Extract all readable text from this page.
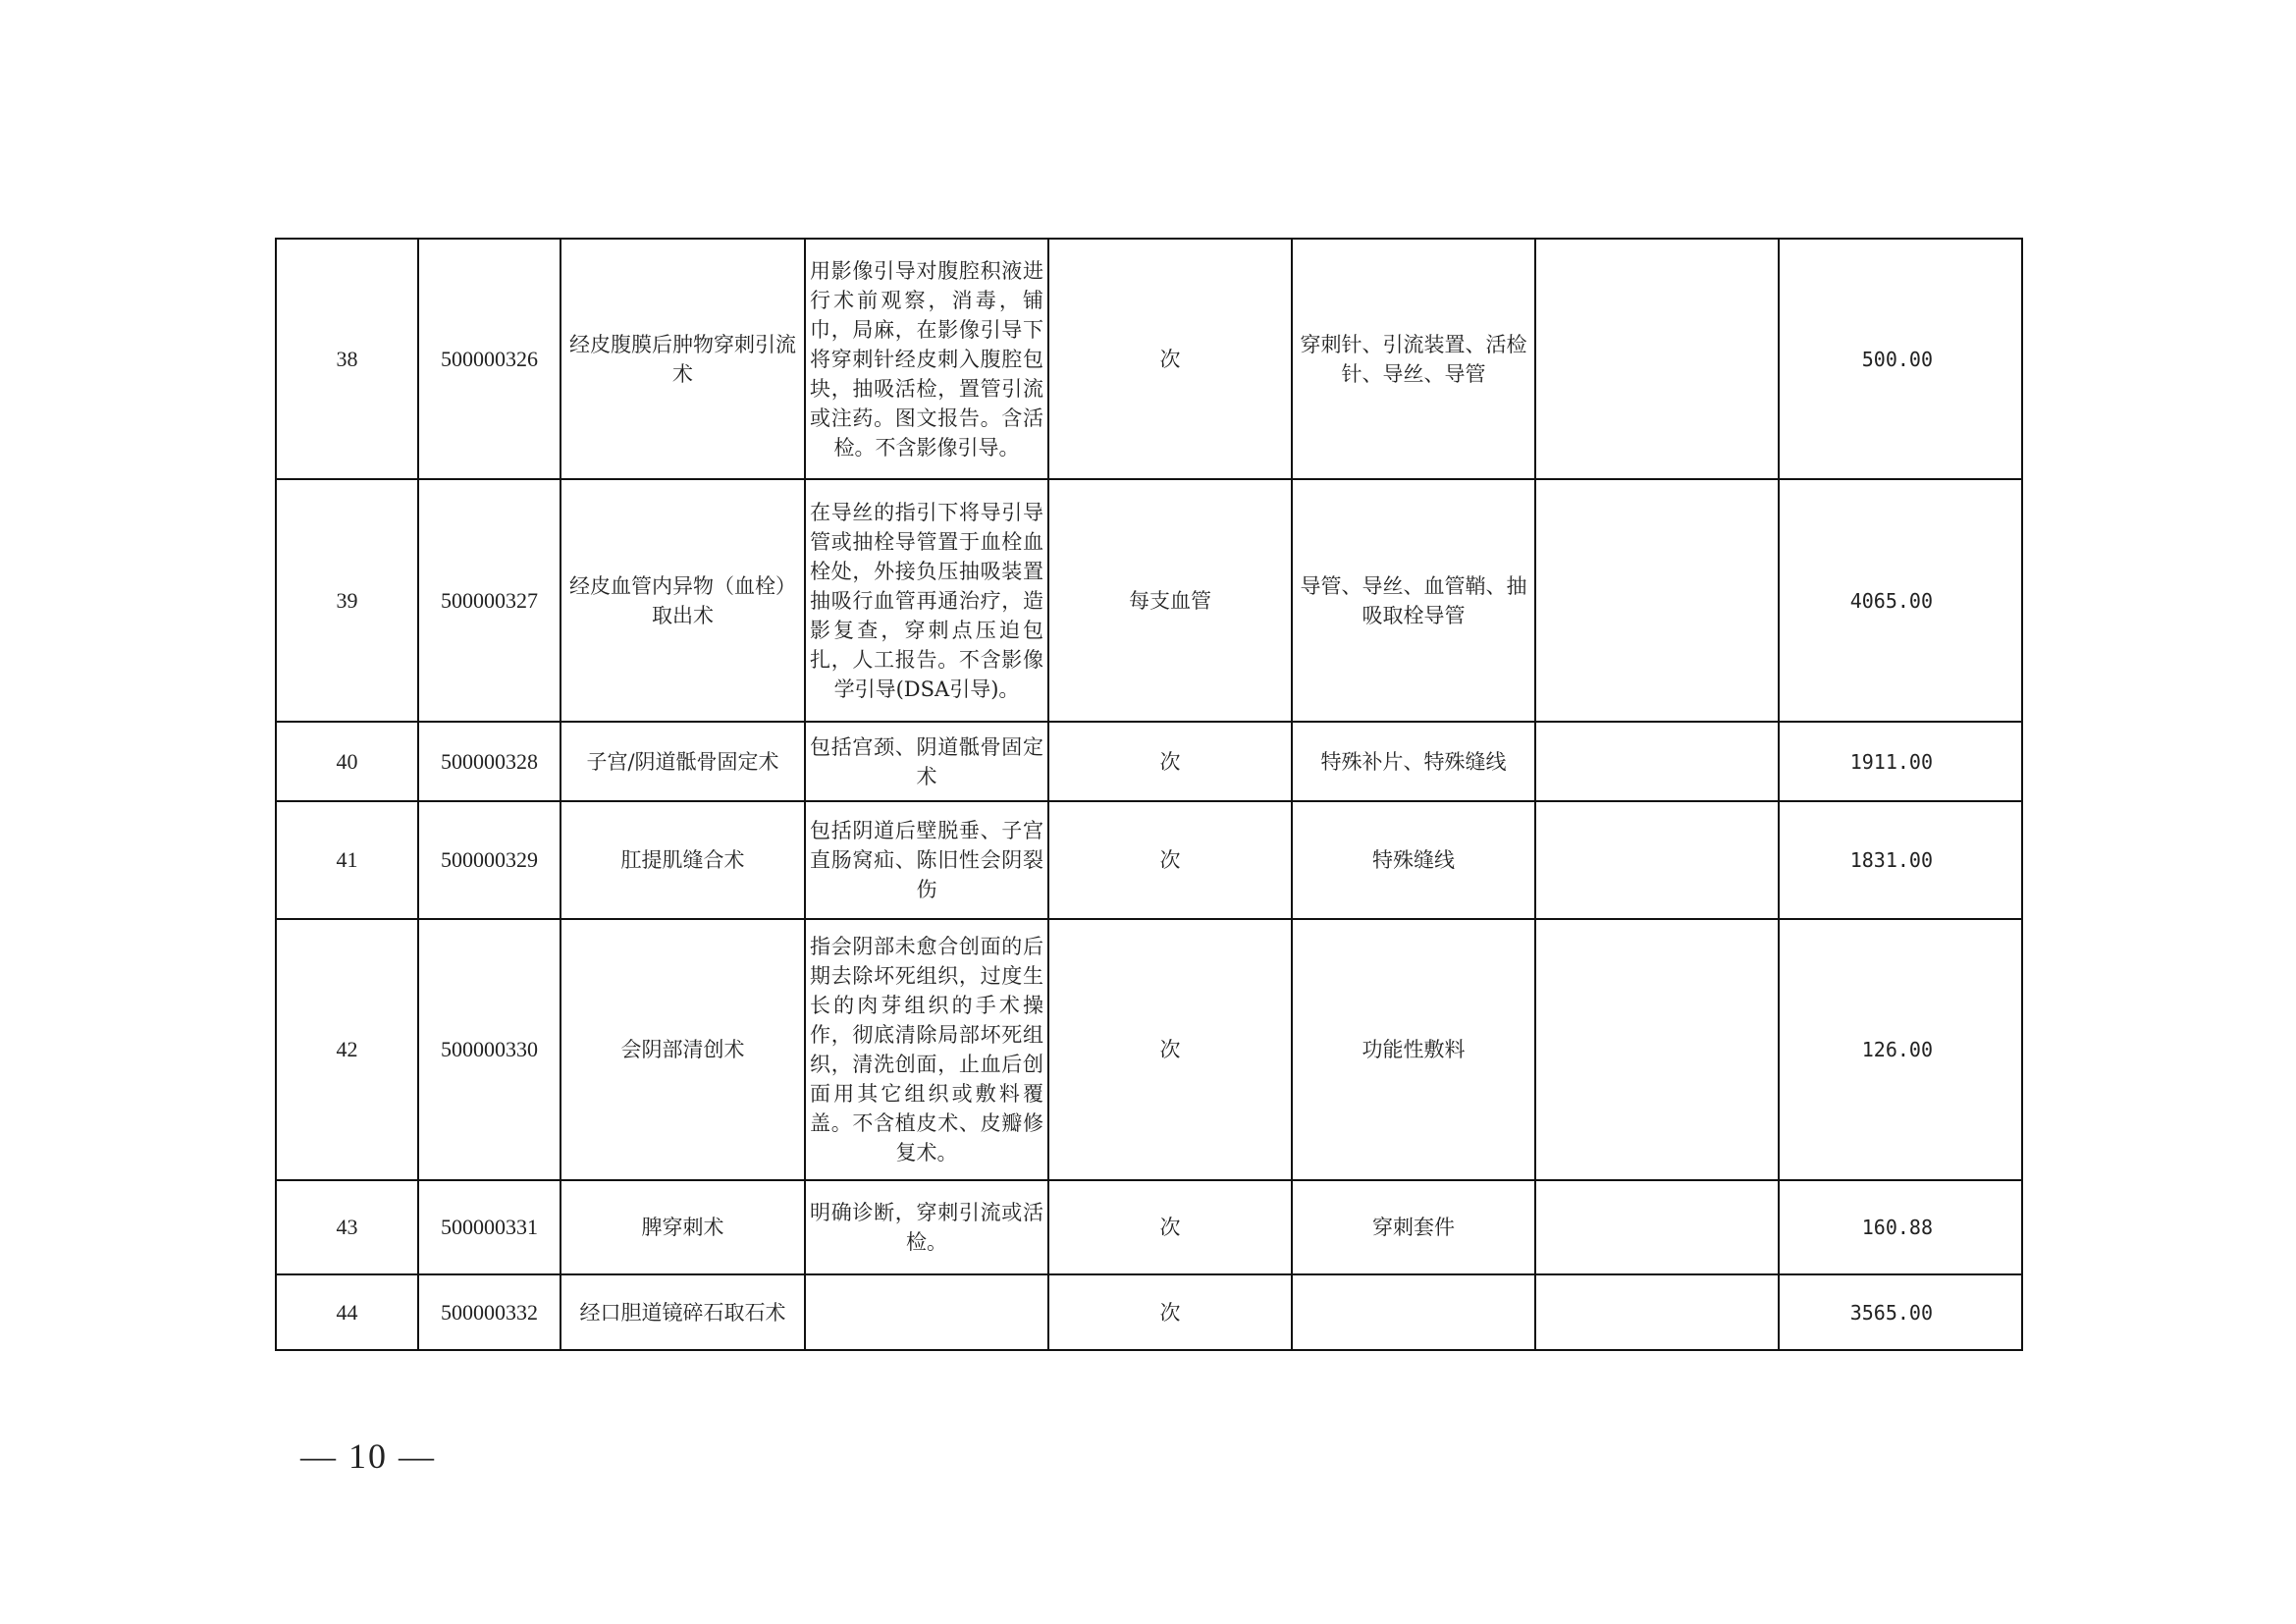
38	500000326	经皮腹膜后肿物穿刺引流术	用影像引导对腹腔积液进行术前观察，消毒，铺巾，局麻，在影像引导下将穿刺针经皮刺入腹腔包块，抽吸活检，置管引流或注药。图文报告。含活检。不含影像引导。	次	穿刺针、引流装置、活检针、导丝、导管		500.00
39	500000327	经皮血管内异物（血栓）取出术	在导丝的指引下将导引导管或抽栓导管置于血栓血栓处，外接负压抽吸装置抽吸行血管再通治疗，造影复查，穿刺点压迫包扎，人工报告。不含影像学引导(DSA引导)。	每支血管	导管、导丝、血管鞘、抽吸取栓导管		4065.00
40	500000328	子宫/阴道骶骨固定术	包括宫颈、阴道骶骨固定术	次	特殊补片、特殊缝线		1911.00
41	500000329	肛提肌缝合术	包括阴道后壁脱垂、子宫直肠窝疝、陈旧性会阴裂伤	次	特殊缝线		1831.00
42	500000330	会阴部清创术	指会阴部未愈合创面的后期去除坏死组织，过度生长的肉芽组织的手术操作，彻底清除局部坏死组织，清洗创面，止血后创面用其它组织或敷料覆盖。不含植皮术、皮瓣修复术。	次	功能性敷料		126.00
43	500000331	脾穿刺术	明确诊断，穿刺引流或活检。	次	穿刺套件		160.88
44	500000332	经口胆道镜碎石取石术		次			3565.00
— 10 —
